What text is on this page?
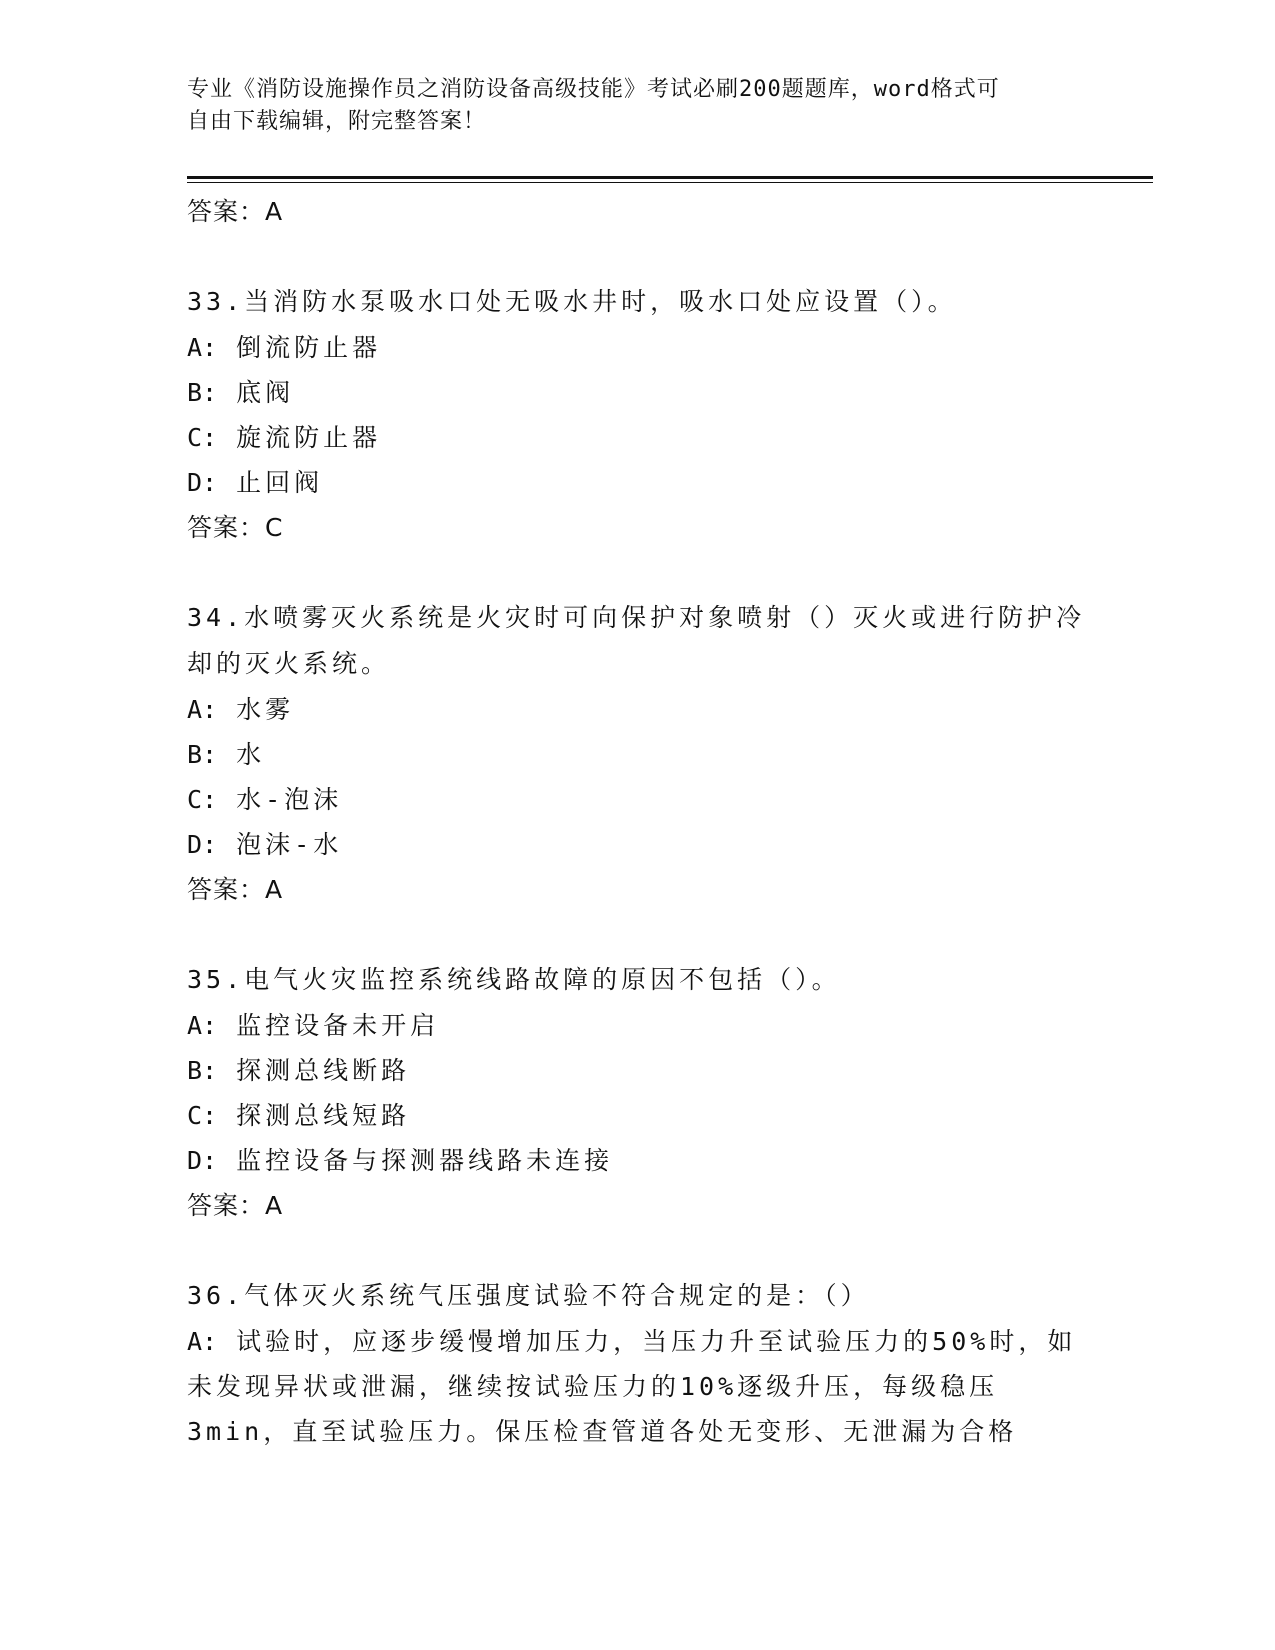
专业《消防设施操作员之消防设备高级技能》考试必刷200题题库，word格式可
自由下载编辑，附完整答案！
答案：A
33.当消防水泵吸水口处无吸水井时，吸水口处应设置（）。
A: 倒流防止器
B: 底阀
C: 旋流防止器
D: 止回阀
答案：C
34.水喷雾灭火系统是火灾时可向保护对象喷射（）灭火或进行防护冷却的灭火系统。
A: 水雾
B: 水
C: 水-泡沫
D: 泡沫-水
答案：A
35.电气火灾监控系统线路故障的原因不包括（）。
A: 监控设备未开启
B: 探测总线断路
C: 探测总线短路
D: 监控设备与探测器线路未连接
答案：A
36.气体灭火系统气压强度试验不符合规定的是：（）
A: 试验时，应逐步缓慢增加压力，当压力升至试验压力的50%时，如未发现异状或泄漏，继续按试验压力的10%逐级升压，每级稳压3min，直至试验压力。保压检查管道各处无变形、无泄漏为合格
